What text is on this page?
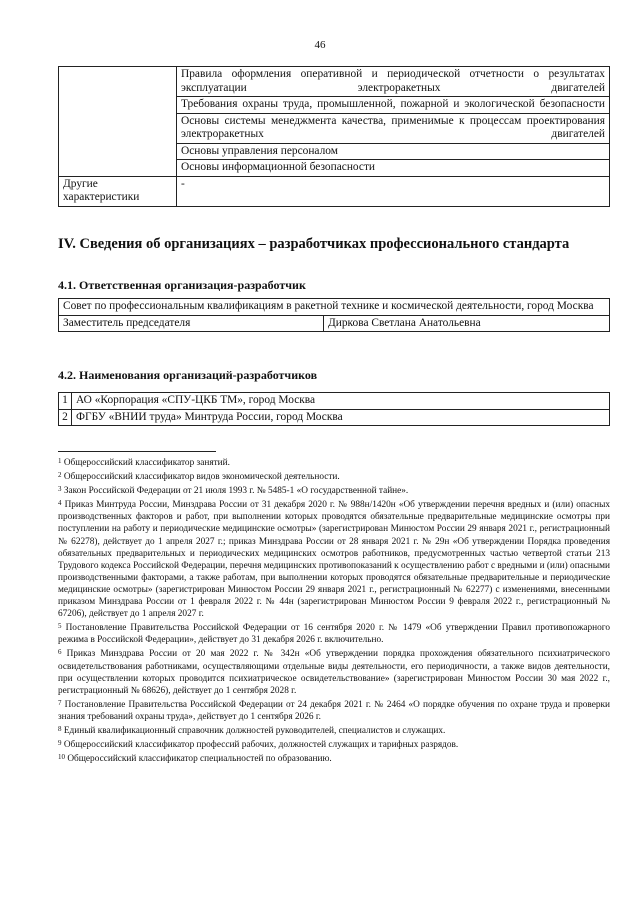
46
	Правила оформления оперативной и периодической отчетности о результатах эксплуатации электроракетных двигателей
	Требования охраны труда, промышленной, пожарной и экологической безопасности
	Основы системы менеджмента качества, применимые к процессам проектирования электроракетных двигателей
	Основы управления персоналом
	Основы информационной безопасности
Другие характеристики	-
IV. Сведения об организациях – разработчиках профессионального стандарта
4.1. Ответственная организация-разработчик
Совет по профессиональным квалификациям в ракетной технике и космической деятельности, город Москва
Заместитель председателя	Диркова Светлана Анатольевна
4.2. Наименования организаций-разработчиков
1	АО «Корпорация «СПУ-ЦКБ ТМ», город Москва
2	ФГБУ «ВНИИ труда» Минтруда России, город Москва

$^1$ Общероссийский классификатор занятий.

$^2$ Общероссийский классификатор видов экономической деятельности.

$^3$ Закон Российской Федерации от 21 июля 1993 г. № 5485-1 «О государственной тайне».

$^4$ Приказ Минтруда России, Минздрава России от 31 декабря 2020 г. № 988н/1420н «Об утверждении перечня вредных и (или) опасных производственных факторов и работ, при выполнении которых проводятся обязательные предварительные медицинские осмотры при поступлении на работу и периодические медицинские осмотры» (зарегистрирован Минюстом России 29 января 2021 г., регистрационный № 62278), действует до 1 апреля 2027 г.; приказ Минздрава России от 28 января 2021 г. № 29н «Об утверждении Порядка проведения обязательных предварительных и периодических медицинских осмотров работников, предусмотренных частью четвертой статьи 213 Трудового кодекса Российской Федерации, перечня медицинских противопоказаний к осуществлению работ с вредными и (или) опасными производственными факторами, а также работам, при выполнении которых проводятся обязательные предварительные и периодические медицинские осмотры» (зарегистрирован Минюстом России 29 января 2021 г., регистрационный № 62277) с изменениями, внесенными приказом Минздрава России от 1 февраля 2022 г. № 44н (зарегистрирован Минюстом России 9 февраля 2022 г., регистрационный № 67206), действует до 1 апреля 2027 г.

$^5$ Постановление Правительства Российской Федерации от 16 сентября 2020 г. № 1479 «Об утверждении Правил противопожарного режима в Российской Федерации», действует до 31 декабря 2026 г. включительно.

$^6$ Приказ Минздрава России от 20 мая 2022 г. № 342н «Об утверждении порядка прохождения обязательного психиатрического освидетельствования работниками, осуществляющими отдельные виды деятельности, его периодичности, а также видов деятельности, при осуществлении которых проводится психиатрическое освидетельствование» (зарегистрирован Минюстом России 30 мая 2022 г., регистрационный № 68626), действует до 1 сентября 2028 г.

$^7$ Постановление Правительства Российской Федерации от 24 декабря 2021 г. № 2464 «О порядке обучения по охране труда и проверки знания требований охраны труда», действует до 1 сентября 2026 г.

$^8$ Единый квалификационный справочник должностей руководителей, специалистов и служащих.

$^9$ Общероссийский классификатор профессий рабочих, должностей служащих и тарифных разрядов.

$^{10}$ Общероссийский классификатор специальностей по образованию.
